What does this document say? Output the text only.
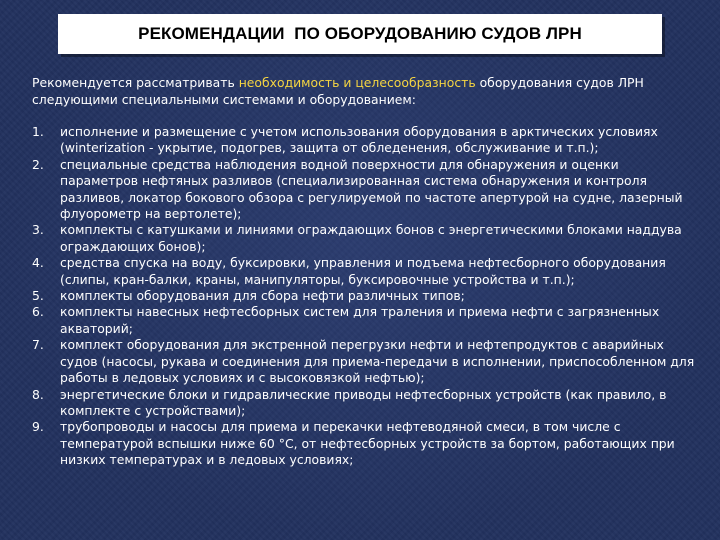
РЕКОМЕНДАЦИИ  ПО ОБОРУДОВАНИЮ СУДОВ ЛРН
Рекомендуется рассматривать необходимость и целесообразность оборудования судов ЛРН следующими специальными системами и оборудованием:
1.	исполнение и размещение с учетом использования оборудования в арктических условиях (winterization - укрытие, подогрев, защита от обледенения, обслуживание и т.п.);
2.	специальные средства наблюдения водной поверхности для обнаружения и оценки параметров нефтяных разливов (специализированная система обнаружения и контроля разливов, локатор бокового обзора с регулируемой по частоте апертурой на судне, лазерный флуорометр на вертолете);
3.	комплекты с катушками и линиями ограждающих бонов с энергетическими блоками наддува ограждающих бонов);
4.	средства спуска на воду, буксировки, управления и подъема нефтесборного оборудования (слипы, кран-балки, краны, манипуляторы, буксировочные устройства и т.п.);
5.	комплекты оборудования для сбора нефти различных типов;
6.	комплекты навесных нефтесборных систем для траления и приема нефти с загрязненных акваторий;
7.	комплект оборудования для экстренной перегрузки нефти и нефтепродуктов с аварийных судов (насосы, рукава и соединения для приема-передачи в исполнении, приспособленном для работы в ледовых условиях и с высоковязкой нефтью);
8.	энергетические блоки и гидравлические приводы нефтесборных устройств (как правило, в комплекте с устройствами);
9.	трубопроводы и насосы для приема и перекачки нефтеводяной смеси, в том числе с температурой вспышки ниже 60 °С, от нефтесборных устройств за бортом, работающих при низких температурах и в ледовых условиях;
